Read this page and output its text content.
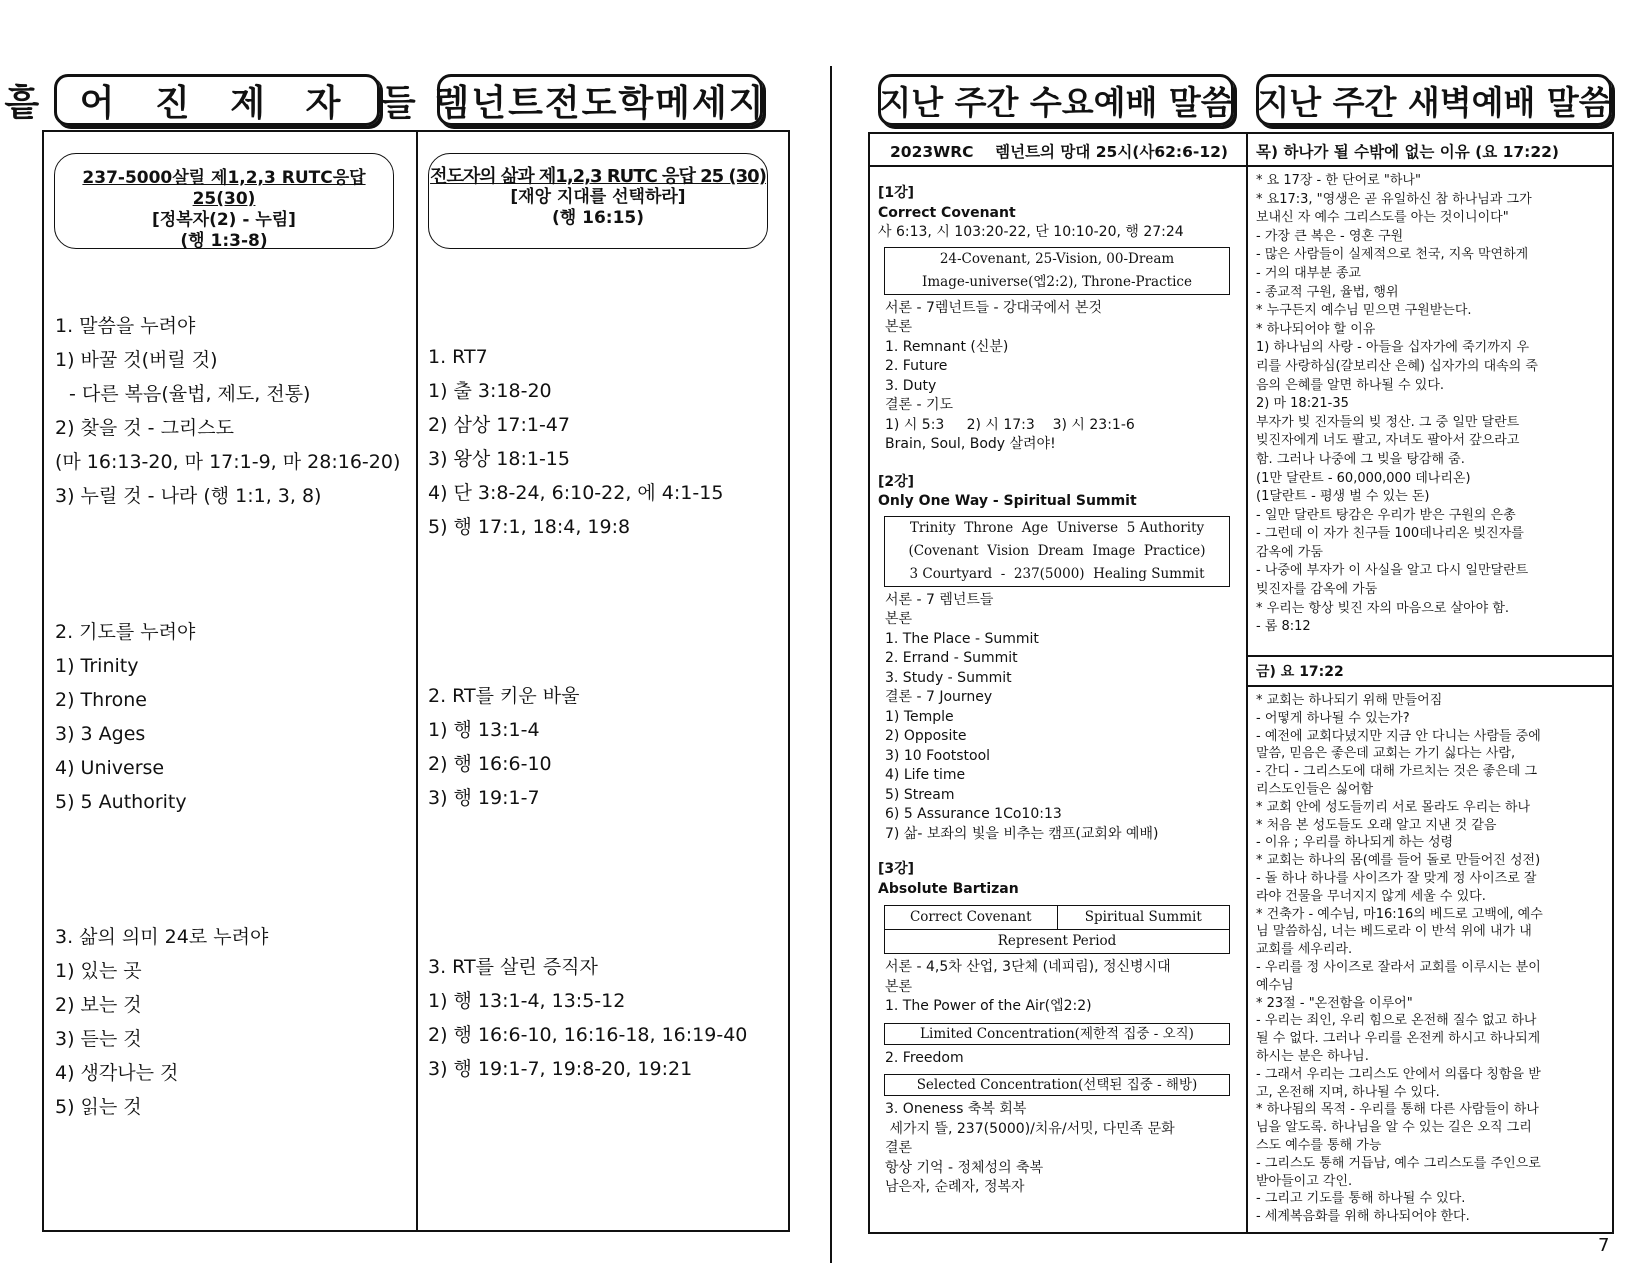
흩 어 진 제 자 들 렘넌트전도학메세지	지난 주간 수요예배 말씀 지난 주간 새벽예배 말씀
237-5000살릴 제1,2,3 RUTC응답 25(30)
[정복자(2) - 누림]
(행 1:3-8)
1. 말씀을 누려야
1) 바꿀 것(버릴 것)
- 다른 복음(율법, 제도, 전통)
2) 찾을 것 - 그리스도
(마 16:13-20, 마 17:1-9, 마 28:16-20)
3) 누릴 것 - 나라 (행 1:1, 3, 8)
2. 기도를 누려야
1) Trinity
2) Throne
3) 3 Ages
4) Universe
5) 5 Authority
3. 삶의 의미 24로 누려야
1) 있는 곳
2) 보는 것
3) 듣는 것
4) 생각나는 것
5) 읽는 것
전도자의 삶과 제1,2,3 RUTC 응답 25 (30)
[재앙 지대를 선택하라]
(행 16:15)
1. RT7
1) 출 3:18-20
2) 삼상 17:1-47
3) 왕상 18:1-15
4) 단 3:8-24, 6:10-22, 에 4:1-15
5) 행 17:1, 18:4, 19:8
2. RT를 키운 바울
1) 행 13:1-4
2) 행 16:6-10
3) 행 19:1-7
3. RT를 살린 증직자
1) 행 13:1-4, 13:5-12
2) 행 16:6-10, 16:16-18, 16:19-40
3) 행 19:1-7, 19:8-20, 19:21
2023WRC    렘넌트의 망대 25시(사62:6-12)
[1강]
Correct Covenant
사 6:13, 시 103:20-22, 단 10:10-20, 행 27:24
24-Covenant, 25-Vision, 00-Dream
Image-universe(엡2:2), Throne-Practice
서론 - 7렘넌트들 - 강대국에서 본것
본론
1. Remnant (신분)
2. Future
3. Duty
결론 - 기도
1) 시 5:3     2) 시 17:3    3) 시 23:1-6
Brain, Soul, Body 살려야!
[2강]
Only One Way - Spiritual Summit
Trinity  Throne  Age  Universe  5 Authority
(Covenant  Vision  Dream  Image  Practice)
3 Courtyard  -  237(5000)  Healing Summit
서론 - 7 렘넌트들
본론
1. The Place - Summit
2. Errand - Summit
3. Study - Summit
결론 - 7 Journey
1) Temple
2) Opposite
3) 10 Footstool
4) Life time
5) Stream
6) 5 Assurance 1Co10:13
7) 삶- 보좌의 빛을 비추는 캠프(교회와 예배)
[3강]
Absolute Bartizan
Correct Covenant	Spiritual Summit
Represent Period
서론 - 4,5차 산업, 3단체 (네피림), 정신병시대
본론
1. The Power of the Air(엡2:2)
Limited Concentration(제한적 집중 - 오직)
2. Freedom
Selected Concentration(선택된 집중 - 해방)
3. Oneness 축복 회복
세가지 뜰, 237(5000)/치유/서밋, 다민족 문화
결론
항상 기억 - 정체성의 축복
남은자, 순례자, 정복자
목) 하나가 될 수밖에 없는 이유 (요 17:22)
* 요 17장 - 한 단어로 "하나"
* 요17:3, "영생은 곧 유일하신 참 하나님과 그가
보내신 자 예수 그리스도를 아는 것이니이다"
- 가장 큰 복은 - 영혼 구원
- 많은 사람들이 실제적으로 천국, 지옥 막연하게
- 거의 대부분 종교
- 종교적 구원, 율법, 행위
* 누구든지 예수님 믿으면 구원받는다.
* 하나되어야 할 이유
1) 하나님의 사랑 - 아들을 십자가에 죽기까지 우
리를 사랑하심(갈보리산 은혜) 십자가의 대속의 죽
음의 은혜를 알면 하나될 수 있다.
2) 마 18:21-35
부자가 빚 진자들의 빚 정산. 그 중 일만 달란트
빚진자에게 너도 팔고, 자녀도 팔아서 갚으라고
함. 그러나 나중에 그 빚을 탕감해 줌.
(1만 달란트 - 60,000,000 데나리온)
(1달란트 - 평생 벌 수 있는 돈)
- 일만 달란트 탕감은 우리가 받은 구원의 은총
- 그런데 이 자가 친구들 100데나리온 빚진자를
감옥에 가둠
- 나중에 부자가 이 사실을 알고 다시 일만달란트
빚진자를 감옥에 가둠
* 우리는 항상 빚진 자의 마음으로 살아야 함.
- 롬 8:12
금) 요 17:22
* 교회는 하나되기 위해 만들어짐
- 어떻게 하나될 수 있는가?
- 예전에 교회다녔지만 지금 안 다니는 사람들 중에
말씀, 믿음은 좋은데 교회는 가기 싫다는 사람,
- 간디 - 그리스도에 대해 가르치는 것은 좋은데 그
리스도인들은 싫어함
* 교회 안에 성도들끼리 서로 몰라도 우리는 하나
* 처음 본 성도들도 오래 알고 지낸 것 같음
- 이유 ; 우리를 하나되게 하는 성령
* 교회는 하나의 몸(예를 들어 돌로 만들어진 성전)
- 돌 하나 하나를 사이즈가 잘 맞게 정 사이즈로 잘
라야 건물을 무너지지 않게 세울 수 있다.
* 건축가 - 예수님, 마16:16의 베드로 고백에, 예수
님 말씀하심, 너는 베드로라 이 반석 위에 내가 내
교회를 세우리라.
- 우리를 정 사이즈로 잘라서 교회를 이루시는 분이
예수님
* 23절 - "온전함을 이루어"
- 우리는 죄인, 우리 힘으로 온전해 질수 없고 하나
될 수 없다. 그러나 우리를 온전케 하시고 하나되게
하시는 분은 하나님.
- 그래서 우리는 그리스도 안에서 의롭다 칭함을 받
고, 온전해 지며, 하나될 수 있다.
* 하나됨의 목적 - 우리를 통해 다른 사람들이 하나
님을 알도록. 하나님을 알 수 있는 길은 오직 그리
스도 예수를 통해 가능
- 그리스도 통해 거듭남, 예수 그리스도를 주인으로
받아들이고 각인.
- 그리고 기도를 통해 하나될 수 있다.
- 세계복음화를 위해 하나되어야 한다.
7
